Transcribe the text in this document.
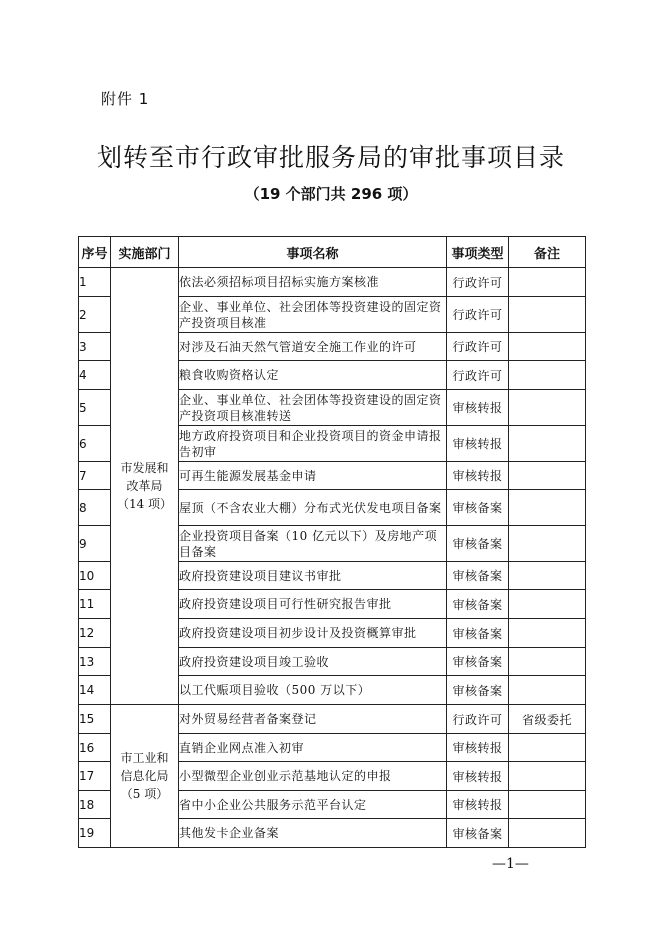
附件 1
划转至市行政审批服务局的审批事项目录
（19 个部门共 296 项）
序号	实施部门	事项名称	事项类型	备注
1	市发展和
改革局
（14 项）	依法必须招标项目招标实施方案核准	行政许可	
2		企业、事业单位、社会团体等投资建设的固定资产投资项目核准	行政许可	
3		对涉及石油天然气管道安全施工作业的许可	行政许可	
4		粮食收购资格认定	行政许可	
5		企业、事业单位、社会团体等投资建设的固定资产投资项目核准转送	审核转报	
6		地方政府投资项目和企业投资项目的资金申请报告初审	审核转报	
7		可再生能源发展基金申请	审核转报	
8		屋顶（不含农业大棚）分布式光伏发电项目备案	审核备案	
9		企业投资项目备案（10 亿元以下）及房地产项目备案	审核备案	
10		政府投资建设项目建议书审批	审核备案	
11		政府投资建设项目可行性研究报告审批	审核备案	
12		政府投资建设项目初步设计及投资概算审批	审核备案	
13		政府投资建设项目竣工验收	审核备案	
14		以工代赈项目验收（500 万以下）	审核备案	
15	市工业和
信息化局
（5 项）	对外贸易经营者备案登记	行政许可	省级委托
16		直销企业网点准入初审	审核转报	
17		小型微型企业创业示范基地认定的申报	审核转报	
18		省中小企业公共服务示范平台认定	审核转报	
19		其他发卡企业备案	审核备案	
—1—
